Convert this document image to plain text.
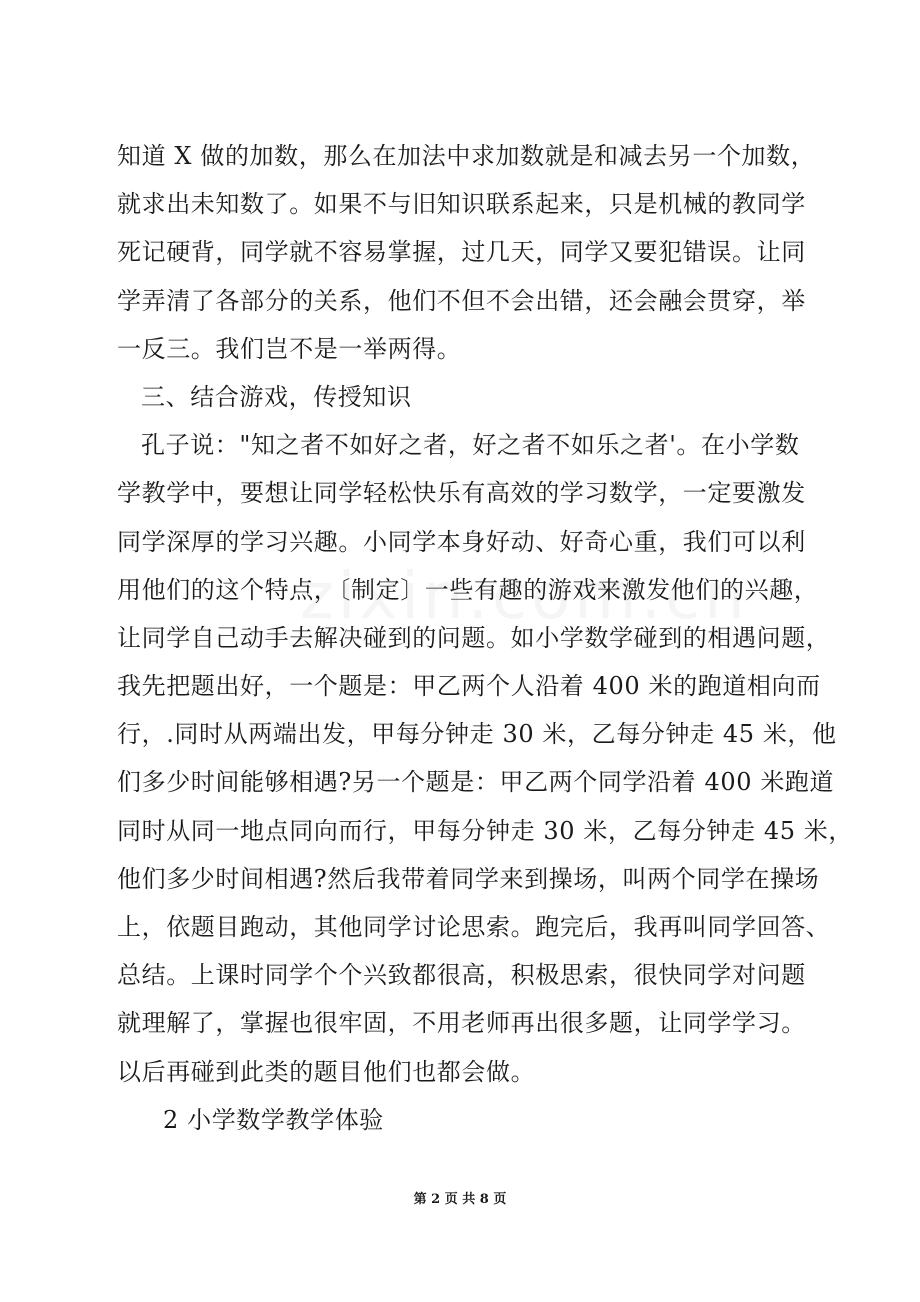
知道 X 做的加数，那么在加法中求加数就是和减去另一个加数，
就求出未知数了。如果不与旧知识联系起来，只是机械的教同学
死记硬背，同学就不容易掌握，过几天，同学又要犯错误。让同
学弄清了各部分的关系，他们不但不会出错，还会融会贯穿，举
一反三。我们岂不是一举两得。
三、结合游戏，传授知识
孔子说："知之者不如好之者，好之者不如乐之者'。在小学数
学教学中，要想让同学轻松快乐有高效的学习数学，一定要激发
同学深厚的学习兴趣。小同学本身好动、好奇心重，我们可以利
用他们的这个特点，〔制定〕一些有趣的游戏来激发他们的兴趣，
让同学自己动手去解决碰到的问题。如小学数学碰到的相遇问题，
我先把题出好，一个题是：甲乙两个人沿着 400 米的跑道相向而
行，.同时从两端出发，甲每分钟走 30 米，乙每分钟走 45 米，他
们多少时间能够相遇?另一个题是：甲乙两个同学沿着 400 米跑道
同时从同一地点同向而行，甲每分钟走 30 米，乙每分钟走 45 米，
他们多少时间相遇?然后我带着同学来到操场，叫两个同学在操场
上，依题目跑动，其他同学讨论思索。跑完后，我再叫同学回答、
总结。上课时同学个个兴致都很高，积极思索，很快同学对问题
就理解了，掌握也很牢固，不用老师再出很多题，让同学学习。
以后再碰到此类的题目他们也都会做。
2 小学数学教学体验
第 2 页 共 8 页
